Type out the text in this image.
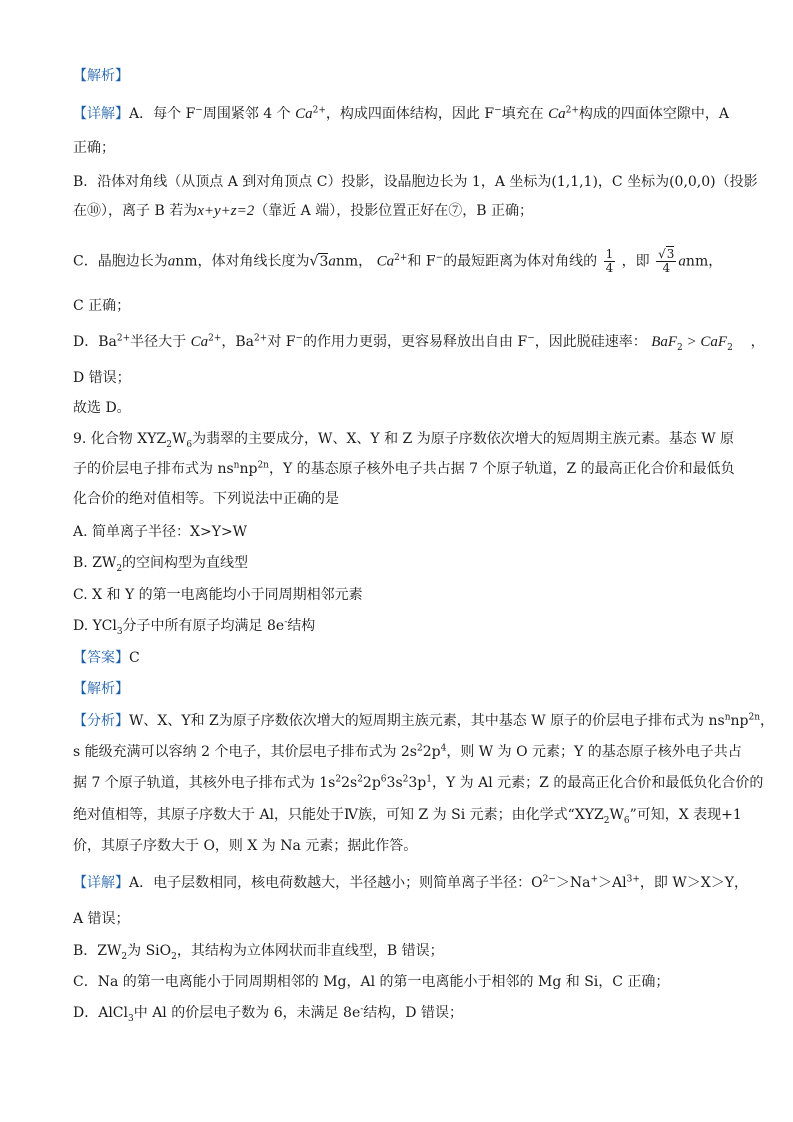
【解析】
【详解】A．每个 F−周围紧邻 4 个 $Ca^{2+}$，构成四面体结构，因此 F−填充在 $Ca^{2+}$构成的四面体空隙中，A
正确；
B．沿体对角线（从顶点 A 到对角顶点 C）投影，设晶胞边长为 1，A 坐标为(1,1,1)，C 坐标为(0,0,0)（投影
在⑩），离子 B 若为x+y+z=2（靠近 A 端），投影位置正好在⑦，B 正确；
C．晶胞边长为anm，体对角线长度为√3anm， $Ca^{2+}$和 F−的最短距离为体对角线的 $\frac{1}{4}$ ，即 $\frac{√3}{4}$ anm，
C 正确；
D．$Ba^{2+}$半径大于 $Ca^{2+}$，$Ba^{2+}$对 F−的作用力更弱，更容易释放出自由 F−，因此脱硅速率： BaF$_2$ > CaF$_2$ ，
D 错误；
故选 D。
9. 化合物 $XYZ_2W_6$为翡翠的主要成分，W、X、Y 和 Z 为原子序数依次增大的短周期主族元素。基态 W 原
子的价层电子排布式为 $ns^nnp^{2n}$，Y 的基态原子核外电子共占据 7 个原子轨道，Z 的最高正化合价和最低负
化合价的绝对值相等。下列说法中正确的是
A. 简单离子半径：X>Y>W
B. $ZW_2$的空间构型为直线型
C. X 和 Y 的第一电离能均小于同周期相邻元素
D. YCl$_3$分子中所有原子均满足 8e-结构
【答案】C
【解析】
【分析】W、X、Y和 Z为原子序数依次增大的短周期主族元素，其中基态 W 原子的价层电子排布式为 $ns^nnp^{2n}$，
s 能级充满可以容纳 2 个电子，其价层电子排布式为 $2s^22p^4$，则 W 为 O 元素；Y 的基态原子核外电子共占
据 7 个原子轨道，其核外电子排布式为 $1s^22s^22p^63s^23p^1$，Y 为 Al 元素；Z 的最高正化合价和最低负化合价的
绝对值相等，其原子序数大于 Al，只能处于Ⅳ族，可知 Z 为 Si 元素；由化学式“$XYZ_2W_6$”可知，X 表现+1
价，其原子序数大于 O，则 X 为 Na 元素；据此作答。
【详解】A．电子层数相同，核电荷数越大，半径越小；则简单离子半径：$O^{2-}>Na^+>Al^{3+}$，即 W＞X＞Y，
A 错误；
B．$ZW_2$为 SiO$_2$，其结构为立体网状而非直线型，B 错误；
C．Na 的第一电离能小于同周期相邻的 Mg，Al 的第一电离能小于相邻的 Mg 和 Si，C 正确；
D．AlCl$_3$中 Al 的价层电子数为 6，未满足 8e-结构，D 错误；
